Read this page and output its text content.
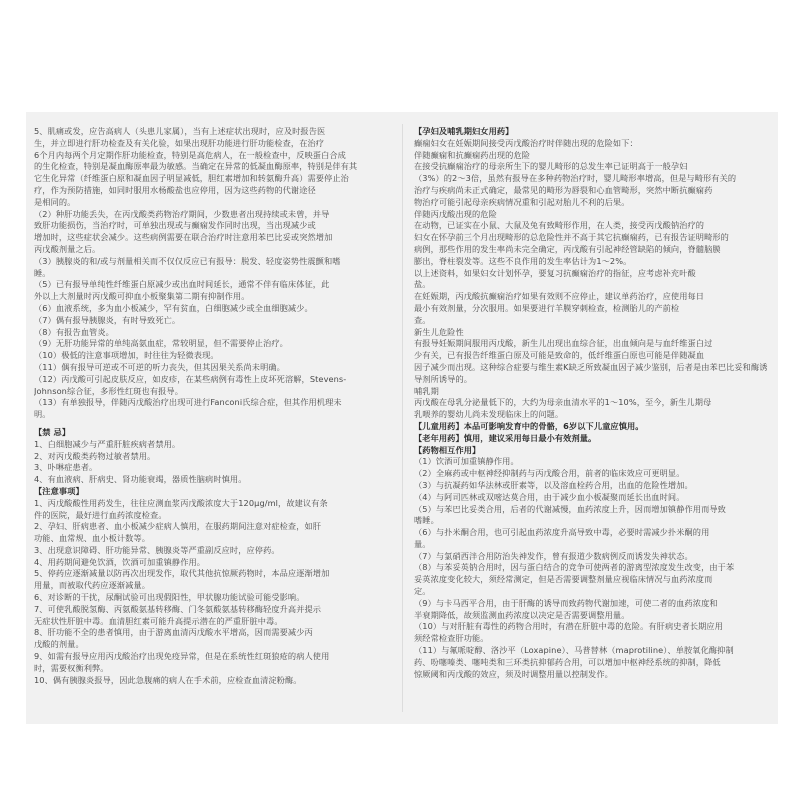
5、肌痛或发，应告高病人（头患儿家属），当有上述症状出现时，应及时报告医
生，并立即进行肝功检查及有关化验，如果出现肝功能进行肝功能检查，在治疗
6个月内每两个月定期作肝功能检查，特别是高危病人，在一般检查中，反映蛋白合成
的生化检查，特别是凝血酶原率最为敏感。当确定在异常的低凝血酶原率，特别是伴有其
它生化异常（纤维蛋白原和凝血因子明显减低，胆红素增加和转氨酶升高）需要停止治
疗，作为预防措施，如同时服用水杨酸盐也应停用，因为这些药物的代谢途径
是相同的。
（2）种肝功能丢失，在丙戊酸类药物治疗期间，少数患者出现持续或未曾，并导
致肝功能损伤，当治疗时，可单独出现或与癫痫发作同时出现，当出现减少或
增加时，这些症状会减少。这些病例需要在联合治疗时注意用苯巴比妥或突然增加
丙戊酸剂量之后。
（3）胰腺炎的和/或与剂量相关而不仅仅反应已有报导：脱发、轻度姿势性震颤和嗜
睡。
（5）已有报导单纯性纤维蛋白原减少或出血时间延长，通常不伴有临床体征，此
外以上大剂量时丙戊酸可抑血小板聚集第二期有抑制作用。
（6）血液系统，多为血小板减少，罕有贫血，白细胞减少或全血细胞减少。
（7）偶有报导胰腺炎，有时导致死亡。
（8）有报告血管炎。
（9）无肝功能异常的单纯高氨血症，常较明显，但不需要停止治疗。
（10）极低的注意事项增加，时往往为轻微表现。
（11）偶有报导可逆或不可逆的听力丧失，但其因果关系尚未明确。
（12）丙戊酸可引起皮肤反应，如皮疹，在某些病例有毒性上皮坏死溶解，Stevens-
Johnson综合征，多形性红斑也有报导。
（13）有单独报导，伴随丙戊酸治疗出现可进行Fanconi氏综合症，但其作用机理未
明。
【禁 忌】
1、白细胞减少与严重肝脏疾病者禁用。
2、对丙戊酸类药物过敏者禁用。
3、卟啉症患者。
4、有血液病、肝病史、肾功能衰竭，器质性脑病时慎用。
【注意事项】
1、丙戊酸酸性用药发生，往往应测血浆丙戊酸浓度大于120μg/ml，故建议有条
件的医院，最好进行血药浓度检查。
2、孕妇、肝病患者、血小板减少症病人慎用，在服药期间注意对症检查，如肝
功能、血常规、血小板计数等。
3、出现意识障碍、肝功能异常、胰腺炎等严重副反应时，应停药。
4、用药期间避免饮酒，饮酒可加重镇静作用。
5、停药应逐渐减量以防再次出现发作，取代其他抗惊厥药物时，本品应逐渐增加
用量，而被取代药应逐渐减量。
6、对诊断的干扰，尿酮试验可出现假阳性，甲状腺功能试验可能受影响。
7、可使乳酸脱氢酶、丙氨酸氨基转移酶、门冬氨酸氨基转移酶轻度升高并提示
无症状性肝脏中毒。血清胆红素可能升高提示潜在的严重肝脏中毒。
8、肝功能不全的患者慎用，由于游离血清丙戊酸水平增高，因而需要减少丙
戊酸的剂量。
9、如需有报导应用丙戊酸治疗出现免疫异常，但是在系统性红斑狼疮的病人使用
时，需要权衡利弊。
10、偶有胰腺炎报导，因此急腹痛的病人在手术前，应检查血清淀粉酶。
【孕妇及哺乳期妇女用药】
癫痫妇女在妊娠期间接受丙戊酸治疗时伴随出现的危险如下：
伴随癫痫和抗癫痫药出现的危险
在接受抗癫痫治疗的母亲所生下的婴儿畸形的总发生率已证明高于一般孕妇
（3%）的2～3倍，虽然有报导在多种药物治疗时，婴儿畸形率增高，但是与畸形有关的
治疗与疾病尚未正式确定，最常见的畸形为唇裂和心血管畸形，突然中断抗癫痫药
物治疗可能引起母亲疾病情况重和引起对胎儿不利的后果。
伴随丙戊酸出现的危险
在动物，已证实在小鼠、大鼠及兔有致畸形作用，在人类，接受丙戊酸钠治疗的
妇女在怀孕前三个月出现畸形的总危险性并不高于其它抗癫痫药，已有报告证明畸形的
病例，那些作用的发生率尚未完全确定，丙戊酸有引起神经管缺陷的倾向，脊髓脑膜
膨出，脊柱裂发等。这些不良作用的发生率估计为1～2%。
以上述资料，如果妇女计划怀孕，要复习抗癫痫治疗的指征，应考虑补充叶酸
盐。
在妊娠期，丙戊酸抗癫痫治疗如果有效则不应停止，建议单药治疗，应使用每日
最小有效剂量，分次服用。如果要进行羊膜穿刺检查，检测胎儿的产前检
查。
新生儿危险性
有报导妊娠期间服用丙戊酸，新生儿出现出血综合征，出血倾向是与血纤维蛋白过
少有关，已有报告纤维蛋白原及可能是致命的，低纤维蛋白原也可能是伴随凝血
因子减少而出现。这种综合症要与维生素K缺乏所致凝血因子减少鉴别，后者是由苯巴比妥和酶诱
导剂所诱导的。
哺乳期
丙戊酸在母乳分泌量低下的，大约为母亲血清水平的1～10%，至今，新生儿期母
乳喂养的婴幼儿尚未发现临床上的问题。
【儿童用药】本品可影响发育中的骨骼，6岁以下儿童应慎用。
【老年用药】慎用，建议采用每日最小有效剂量。
【药物相互作用】
（1）饮酒可加重镇静作用。
（2）全麻药或中枢神经抑制药与丙戊酸合用，前者的临床效应可更明显。
（3）与抗凝药如华法林或肝素等，以及溶血栓药合用，出血的危险性增加。
（4）与阿司匹林或双嘧达莫合用，由于减少血小板凝聚而延长出血时间。
（5）与苯巴比妥类合用，后者的代谢减慢，血药浓度上升，因而增加镇静作用而导致
嗜睡。
（6）与扑米酮合用，也可引起血药浓度升高导致中毒，必要时需减少扑米酮的用
量。
（7）与氯硝西泮合用防治失神发作，曾有报道少数病例反而诱发失神状态。
（8）与苯妥英钠合用时，因与蛋白结合的竞争可使两者的游离型浓度发生改变，由于苯
妥英浓度变化较大，须经常测定，但是否需要调整剂量应视临床情况与血药浓度而
定。
（9）与卡马西平合用，由于肝酶的诱导而致药物代谢加速，可使二者的血药浓度和
半衰期降低，故须监测血药浓度以决定是否需要调整用量。
（10）与对肝脏有毒性的药物合用时，有潜在肝脏中毒的危险。有肝病史者长期应用
须经常检查肝功能。
（11）与氟哌啶醇、洛沙平（Loxapine）、马普替林（maprotiline）、单胺氧化酶抑制
药、吩噻嗪类、噻吨类和三环类抗抑郁药合用，可以增加中枢神经系统的抑制，降低
惊厥阈和丙戊酸的效应，须及时调整用量以控制发作。
